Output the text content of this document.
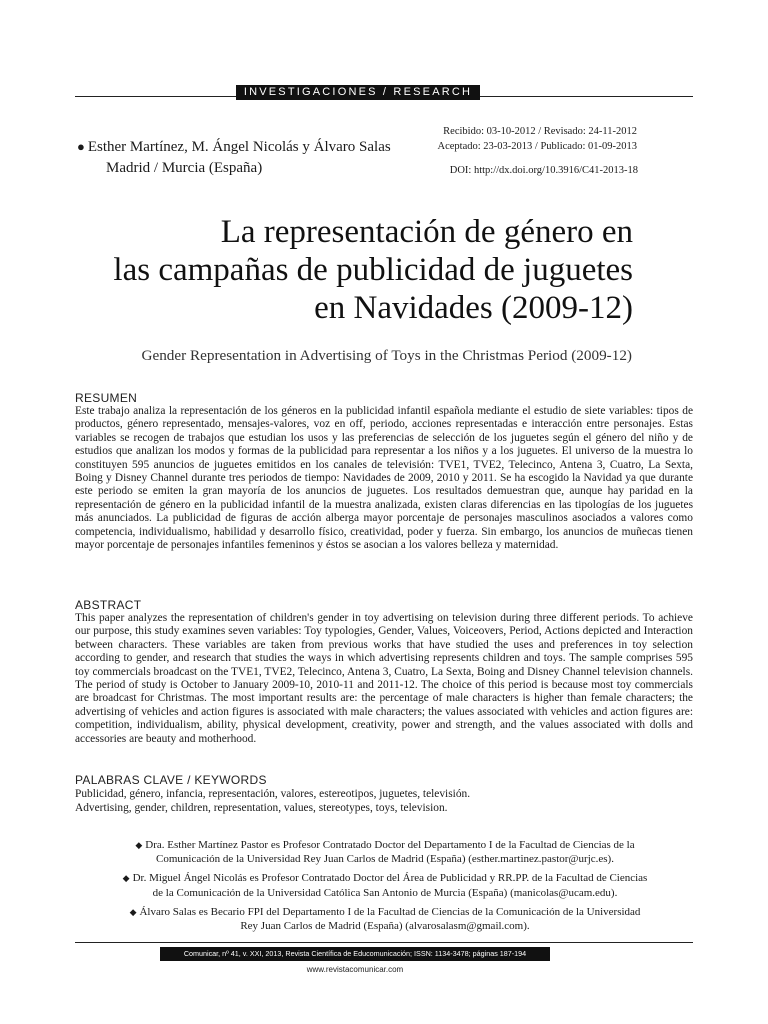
INVESTIGACIONES / RESEARCH
● Esther Martínez, M. Ángel Nicolás y Álvaro Salas
Madrid / Murcia (España)
Recibido: 03-10-2012 / Revisado: 24-11-2012
Aceptado: 23-03-2013 / Publicado: 01-09-2013
DOI: http://dx.doi.org/10.3916/C41-2013-18
La representación de género en
las campañas de publicidad de juguetes
en Navidades (2009-12)
Gender Representation in Advertising of Toys in the Christmas Period (2009-12)
RESUMEN
Este trabajo analiza la representación de los géneros en la publicidad infantil española mediante el estudio de siete variables: tipos de productos, género representado, mensajes-valores, voz en off, periodo, acciones representadas e interacción entre personajes. Estas variables se recogen de trabajos que estudian los usos y las preferencias de selección de los juguetes según el género del niño y de estudios que analizan los modos y formas de la publicidad para representar a los niños y a los juguetes. El universo de la muestra lo constituyen 595 anuncios de juguetes emitidos en los canales de televisión: TVE1, TVE2, Telecinco, Antena 3, Cuatro, La Sexta, Boing y Disney Channel durante tres periodos de tiempo: Navidades de 2009, 2010 y 2011. Se ha escogido la Navidad ya que durante este periodo se emiten la gran mayoría de los anuncios de juguetes. Los resultados demuestran que, aunque hay paridad en la representación de género en la publicidad infantil de la muestra analizada, existen claras diferencias en las tipologías de los juguetes más anunciados. La publicidad de figuras de acción alberga mayor porcentaje de personajes masculinos asociados a valores como competencia, individualismo, habilidad y desarrollo físico, creatividad, poder y fuerza. Sin embargo, los anuncios de muñecas tienen mayor porcentaje de personajes infantiles femeninos y éstos se asocian a los valores belleza y maternidad.
ABSTRACT
This paper analyzes the representation of children's gender in toy advertising on television during three different periods. To achieve our purpose, this study examines seven variables: Toy typologies, Gender, Values, Voiceovers, Period, Actions depicted and Interaction between characters. These variables are taken from previous works that have studied the uses and preferences in toy selection according to gender, and research that studies the ways in which advertising represents children and toys. The sample comprises 595 toy commercials broadcast on the TVE1, TVE2, Telecinco, Antena 3, Cuatro, La Sexta, Boing and Disney Channel television channels. The period of study is October to January 2009-10, 2010-11 and 2011-12. The choice of this period is because most toy commercials are broadcast for Christmas. The most important results are: the percentage of male characters is higher than female characters; the advertising of vehicles and action figures is associated with male characters; the values associated with vehicles and action figures are: competition, individualism, ability, physical development, creativity, power and strength, and the values associated with dolls and accessories are beauty and motherhood.
PALABRAS CLAVE / KEYWORDS
Publicidad, género, infancia, representación, valores, estereotipos, juguetes, televisión.
Advertising, gender, children, representation, values, stereotypes, toys, television.

◆ Dra. Esther Martínez Pastor es Profesor Contratado Doctor del Departamento I de la Facultad de Ciencias de la
Comunicación de la Universidad Rey Juan Carlos de Madrid (España) (esther.martinez.pastor@urjc.es).

◆ Dr. Miguel Ángel Nicolás es Profesor Contratado Doctor del Área de Publicidad y RR.PP. de la Facultad de Ciencias
de la Comunicación de la Universidad Católica San Antonio de Murcia (España) (manicolas@ucam.edu).

◆ Álvaro Salas es Becario FPI del Departamento I de la Facultad de Ciencias de la Comunicación de la Universidad
Rey Juan Carlos de Madrid (España) (alvarosalasm@gmail.com).

Comunicar, nº 41, v. XXI, 2013, Revista Científica de Educomunicación; ISSN: 1134-3478; páginas 187-194
www.revistacomunicar.com
